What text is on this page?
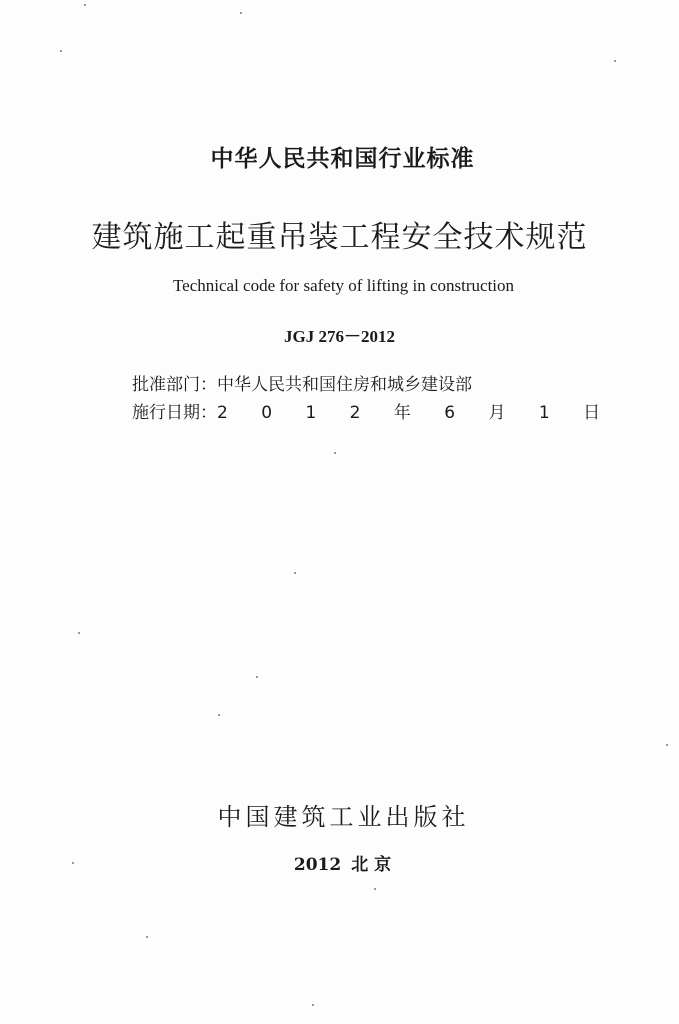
中华人民共和国行业标准
建筑施工起重吊装工程安全技术规范
Technical code for safety of lifting in construction
JGJ 276－2012
批准部门：中华人民共和国住房和城乡建设部
施行日期：2 0 1 2 年 6 月 1 日
中国建筑工业出版社
2012 北 京
